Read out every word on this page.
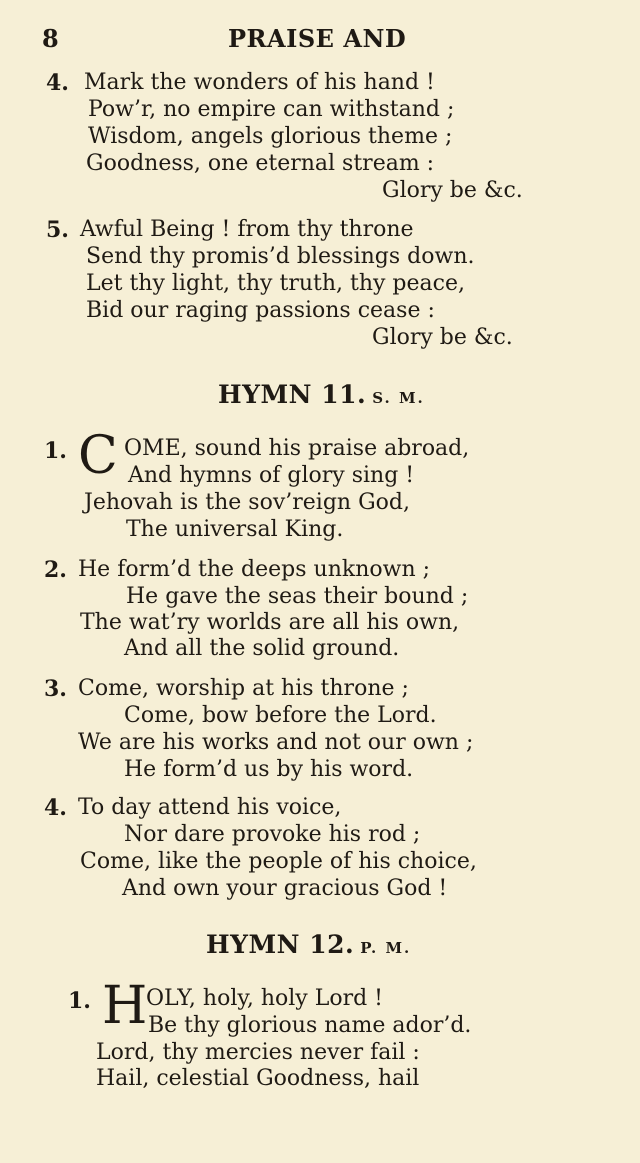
8	PRAISE AND
4. Mark the wonders of his hand !
Pow’r, no empire can withstand ;
Wisdom, angels glorious theme ;
Goodness, one eternal stream :
Glory be &c.
5. Awful Being ! from thy throne
Send thy promis’d blessings down.
Let thy light, thy truth, thy peace,
Bid our raging passions cease :
Glory be &c.
HYMN 11. S. M.
1. C OME, sound his praise abroad,
And hymns of glory sing !
Jehovah is the sov’reign God,
The universal King.
2. He form’d the deeps unknown ;
He gave the seas their bound ;
The wat’ry worlds are all his own,
And all the solid ground.
3. Come, worship at his throne ;
Come, bow before the Lord.
We are his works and not our own ;
He form’d us by his word.
4. To day attend his voice,
Nor dare provoke his rod ;
Come, like the people of his choice,
And own your gracious God !
HYMN 12. P. M.
1. H
OLY, holy, holy Lord !
Be thy glorious name ador’d.
Lord, thy mercies never fail :
Hail, celestial Goodness, hail
